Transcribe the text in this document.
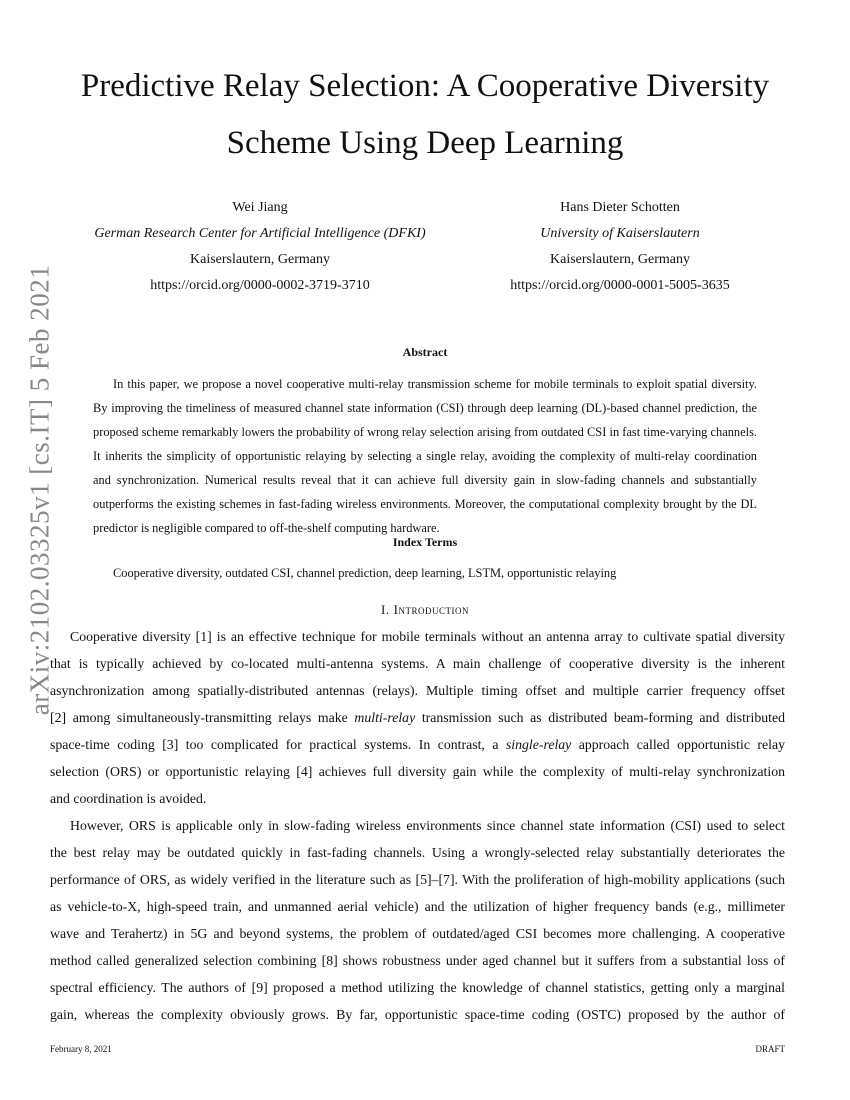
Predictive Relay Selection: A Cooperative Diversity
Scheme Using Deep Learning
Wei Jiang
German Research Center for Artificial Intelligence (DFKI)
Kaiserslautern, Germany
https://orcid.org/0000-0002-3719-3710
Hans Dieter Schotten
University of Kaiserslautern
Kaiserslautern, Germany
https://orcid.org/0000-0001-5005-3635
arXiv:2102.03325v1 [cs.IT] 5 Feb 2021	Abstract
In this paper, we propose a novel cooperative multi-relay transmission scheme for mobile terminals to exploit spatial diversity.
By improving the timeliness of measured channel state information (CSI) through deep learning (DL)-based channel prediction, the
proposed scheme remarkably lowers the probability of wrong relay selection arising from outdated CSI in fast time-varying channels.
It inherits the simplicity of opportunistic relaying by selecting a single relay, avoiding the complexity of multi-relay coordination
and synchronization. Numerical results reveal that it can achieve full diversity gain in slow-fading channels and substantially
outperforms the existing schemes in fast-fading wireless environments. Moreover, the computational complexity brought by the DL
predictor is negligible compared to off-the-shelf computing hardware.
Index Terms
Cooperative diversity, outdated CSI, channel prediction, deep learning, LSTM, opportunistic relaying
I. Introduction
Cooperative diversity [1] is an effective technique for mobile terminals without an antenna array to cultivate spatial diversity
that is typically achieved by co-located multi-antenna systems. A main challenge of cooperative diversity is the inherent
asynchronization among spatially-distributed antennas (relays). Multiple timing offset and multiple carrier frequency offset
[2] among simultaneously-transmitting relays make multi-relay transmission such as distributed beam-forming and distributed
space-time coding [3] too complicated for practical systems. In contrast, a single-relay approach called opportunistic relay
selection (ORS) or opportunistic relaying [4] achieves full diversity gain while the complexity of multi-relay synchronization
and coordination is avoided.
However, ORS is applicable only in slow-fading wireless environments since channel state information (CSI) used to select
the best relay may be outdated quickly in fast-fading channels. Using a wrongly-selected relay substantially deteriorates the
performance of ORS, as widely verified in the literature such as [5]–[7]. With the proliferation of high-mobility applications (such
as vehicle-to-X, high-speed train, and unmanned aerial vehicle) and the utilization of higher frequency bands (e.g., millimeter
wave and Terahertz) in 5G and beyond systems, the problem of outdated/aged CSI becomes more challenging. A cooperative
method called generalized selection combining [8] shows robustness under aged channel but it suffers from a substantial loss of
spectral efficiency. The authors of [9] proposed a method utilizing the knowledge of channel statistics, getting only a marginal
gain, whereas the complexity obviously grows. By far, opportunistic space-time coding (OSTC) proposed by the author of
February 8, 2021	DRAFT
